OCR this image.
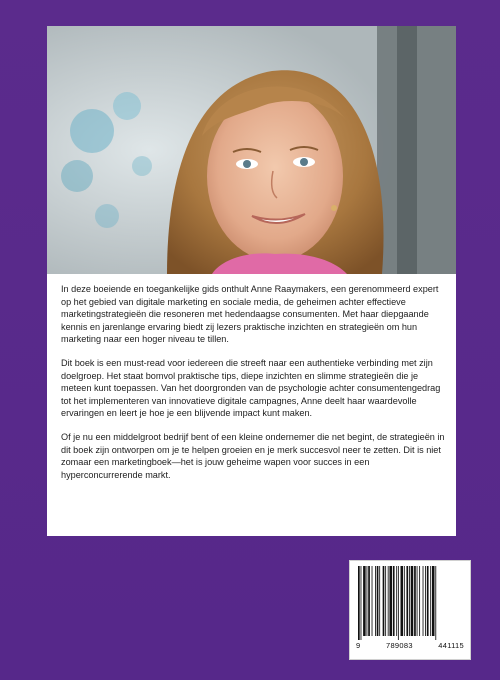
In deze boeiende en toegankelijke gids onthult Anne Raaymakers, een gerenommeerd expert op het gebied van digitale marketing en sociale media, de geheimen achter effectieve marketingstrategieën die resoneren met hedendaagse consumenten. Met haar diepgaande kennis en jarenlange ervaring biedt zij lezers praktische inzichten en strategieën om hun marketing naar een hoger niveau te tillen.

Dit boek is een must-read voor iedereen die streeft naar een authentieke verbinding met zijn doelgroep. Het staat bomvol praktische tips, diepe inzichten en slimme strategieën die je meteen kunt toepassen. Van het doorgronden van de psychologie achter consumentengedrag tot het implementeren van innovatieve digitale campagnes, Anne deelt haar waardevolle ervaringen en leert je hoe je een blijvende impact kunt maken.

Of je nu een middelgroot bedrijf bent of een kleine ondernemer die net begint, de strategieën in dit boek zijn ontworpen om je te helpen groeien en je merk succesvol neer te zetten. Dit is niet zomaar een marketingboek—het is jouw geheime wapen voor succes in een hyperconcurrerende markt.

9	789083	441115
